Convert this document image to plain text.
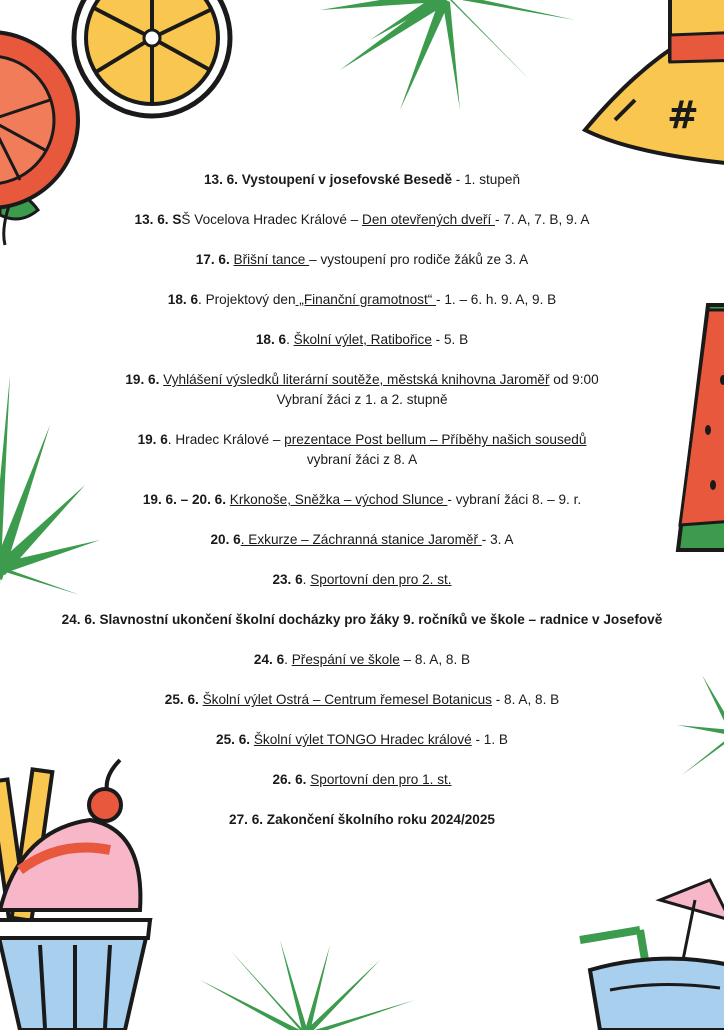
#

13. 6. Vystoupení v josefovské Besedě - 1. stupeň

13. 6. SŠ Vocelova Hradec Králové – Den otevřených dveří - 7. A, 7. B, 9. A

17. 6. Břišní tance – vystoupení pro rodiče žáků ze 3. A

18. 6. Projektový den „Finanční gramotnost“ - 1. – 6. h. 9. A, 9. B

18. 6. Školní výlet, Ratibořice - 5. B

19. 6. Vyhlášení výsledků literární soutěže, městská knihovna Jaroměř od 9:00
Vybraní žáci z 1. a 2. stupně

19. 6. Hradec Králové – prezentace Post bellum – Příběhy našich sousedů
vybraní žáci z 8. A

19. 6. – 20. 6. Krkonoše, Sněžka – východ Slunce - vybraní žáci 8. – 9. r.

20. 6. Exkurze – Záchranná stanice Jaroměř - 3. A

23. 6. Sportovní den pro 2. st.

24. 6. Slavnostní ukončení školní docházky pro žáky 9. ročníků ve škole – radnice v Josefově

24. 6. Přespání ve škole – 8. A, 8. B

25. 6. Školní výlet Ostrá – Centrum řemesel Botanicus - 8. A, 8. B

25. 6. Školní výlet TONGO Hradec králové - 1. B

26. 6. Sportovní den pro 1. st.

27. 6. Zakončení školního roku 2024/2025
